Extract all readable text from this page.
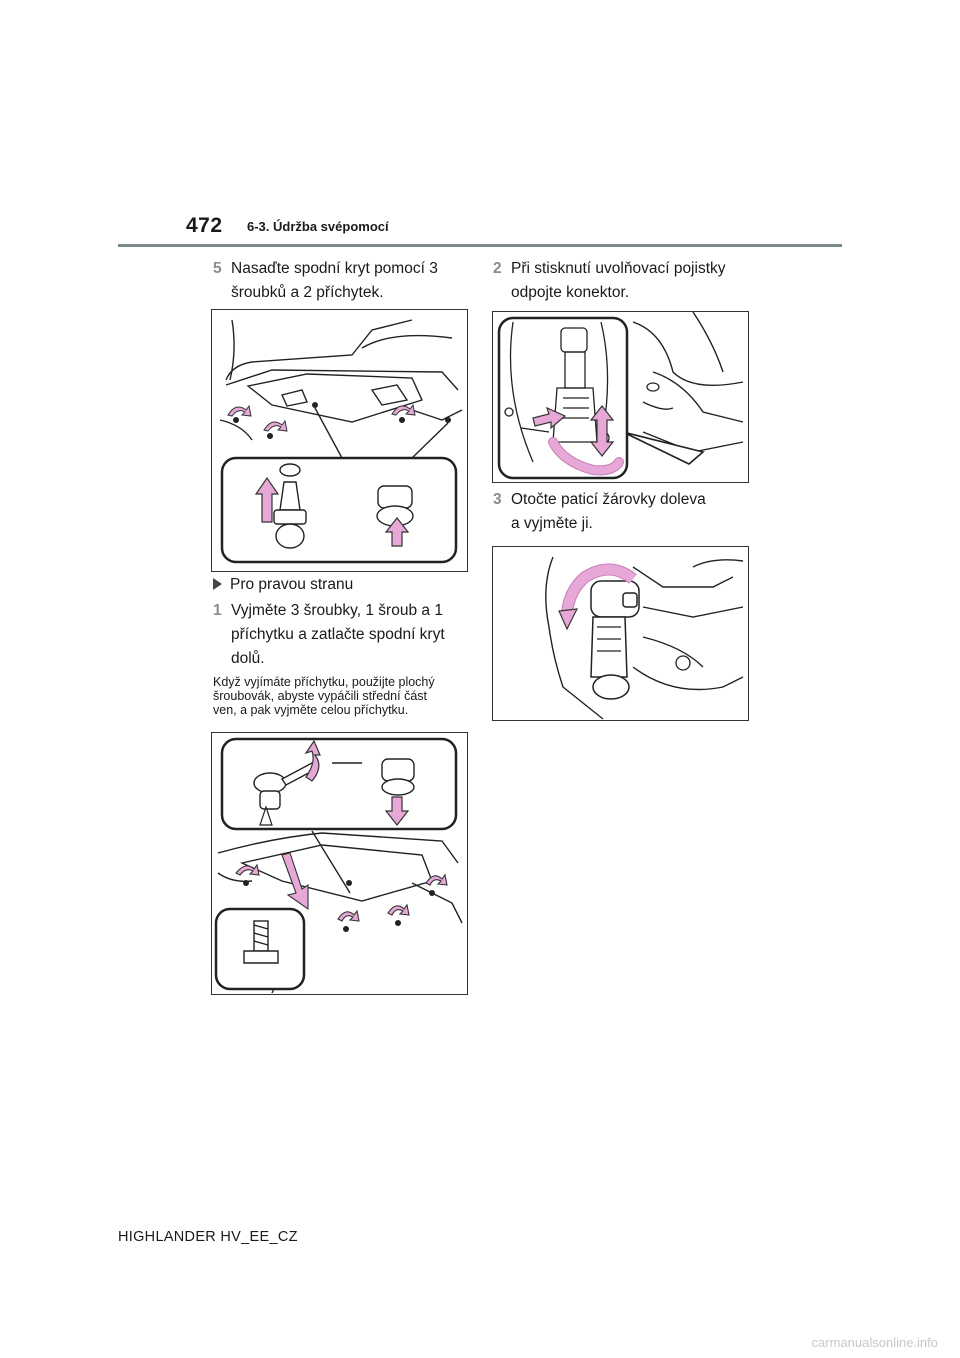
472 6-3. Údržba svépomocí
5 Nasaďte spodní kryt pomocí 3
šroubků a 2 příchytek.
Pro pravou stranu
1 Vyjměte 3 šroubky, 1 šroub a 1
příchytku a zatlačte spodní kryt
dolů.
Když vyjímáte příchytku, použijte plochý
šroubovák, abyste vypáčili střední část
ven, a pak vyjměte celou příchytku.
2 Při stisknutí uvolňovací pojistky
odpojte konektor.
3 Otočte paticí žárovky doleva
a vyjměte ji.
HIGHLANDER HV_EE_CZ
carmanualsonline.info
